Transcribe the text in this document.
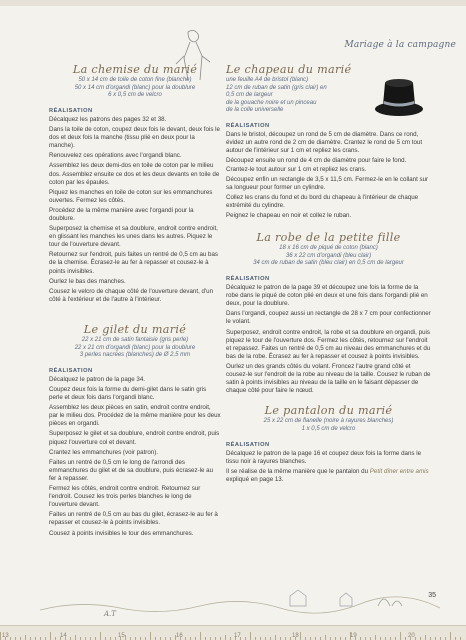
Mariage à la campagne
La chemise du marié
50 x 14 cm de toile de coton fine (blanche)
50 x 14 cm d'organdi (blanc) pour la doublure
6 x 0,5 cm de velcro
RÉALISATION

Décalquez les patrons des pages 32 et 38.

Dans la toile de coton, coupez deux fois le devant, deux fois le dos et deux fois la manche (tissu plié en deux pour la manche).

Renouvelez ces opérations avec l'organdi blanc.

Assemblez les deux demi-dos en toile de coton par le milieu dos. Assemblez ensuite ce dos et les deux devants en toile de coton par les épaules.

Piquez les manches en toile de coton sur les emmanchures ouvertes. Fermez les côtés.

Procédez de la même manière avec l'organdi pour la doublure.

Superposez la chemise et sa doublure, endroit contre endroit, en glissant les manches les unes dans les autres. Piquez le tour de l'ouverture devant.

Retournez sur l'endroit, puis faites un rentré de 0,5 cm au bas de la chemise. Écrasez-le au fer à repasser et cousez-le à points invisibles.

Ourlez le bas des manches.

Cousez le velcro de chaque côté de l'ouverture devant, d'un côté à l'extérieur et de l'autre à l'intérieur.

Le gilet du marié
22 x 21 cm de satin fantaisie (gris perle)
22 x 21 cm d'organdi (blanc) pour la doublure
3 perles nacrées (blanches) de Ø 2,5 mm
RÉALISATION

Décalquez le patron de la page 34.

Coupez deux fois la forme du demi-gilet dans le satin gris perle et deux fois dans l'organdi blanc.

Assemblez les deux pièces en satin, endroit contre endroit, par le milieu dos. Procédez de la même manière pour les deux pièces en organdi.

Superposez le gilet et sa doublure, endroit contre endroit, puis piquez l'ouverture col et devant.

Crantez les emmanchures (voir patron).

Faites un rentré de 0,5 cm le long de l'arrondi des emmanchures du gilet et de sa doublure, puis écrasez-le au fer à repasser.

Fermez les côtés, endroit contre endroit. Retournez sur l'endroit. Cousez les trois perles blanches le long de l'ouverture devant.

Faites un rentré de 0,5 cm au bas du gilet, écrasez-le au fer à repasser et cousez-le à points invisibles.

Cousez à points invisibles le tour des emmanchures.

Le chapeau du marié
une feuille A4 de bristol (blanc)
12 cm de ruban de satin (gris clair) en 0,5 cm de largeur
de la gouache noire et un pinceau
de la colle universelle
RÉALISATION

Dans le bristol, découpez un rond de 5 cm de diamètre. Dans ce rond, évidez un autre rond de 2 cm de diamètre. Crantez le rond de 5 cm tout autour de l'intérieur sur 1 cm et repliez les crans.

Découpez ensuite un rond de 4 cm de diamètre pour faire le fond. Crantez-le tout autour sur 1 cm et repliez les crans.

Découpez enfin un rectangle de 3,5 x 11,5 cm. Fermez-le en le collant sur sa longueur pour former un cylindre.

Collez les crans du fond et du bord du chapeau à l'intérieur de chaque extrémité du cylindre.

Peignez le chapeau en noir et collez le ruban.

La robe de la petite fille
18 x 16 cm de piqué de coton (blanc)
36 x 22 cm d'organdi (bleu clair)
34 cm de ruban de satin (bleu clair) en 0,5 cm de largeur
RÉALISATION

Décalquez le patron de la page 39 et découpez une fois la forme de la robe dans le piqué de coton plié en deux et une fois dans l'organdi plié en deux, pour la doublure.

Dans l'organdi, coupez aussi un rectangle de 28 x 7 cm pour confectionner le volant.

Superposez, endroit contre endroit, la robe et sa doublure en organdi, puis piquez le tour de l'ouverture dos. Fermez les côtés, retournez sur l'endroit et repassez. Faites un rentré de 0,5 cm au niveau des emmanchures et du bas de la robe. Écrasez au fer à repasser et cousez à points invisibles.

Ourlez un des grands côtés du volant. Froncez l'autre grand côté et cousez-le sur l'endroit de la robe au niveau de la taille. Cousez le ruban de satin à points invisibles au niveau de la taille en le faisant dépasser de chaque côté pour faire le nœud.

Le pantalon du marié
25 x 22 cm de flanelle (noire à rayures blanches)
1 x 0,5 cm de velcro
RÉALISATION

Décalquez le patron de la page 16 et coupez deux fois la forme dans le tissu noir à rayures blanches.

Il se réalise de la même manière que le pantalon du Petit dîner entre amis expliqué en page 13.

A.T
35
13	14	15	16	17	18	19	20
